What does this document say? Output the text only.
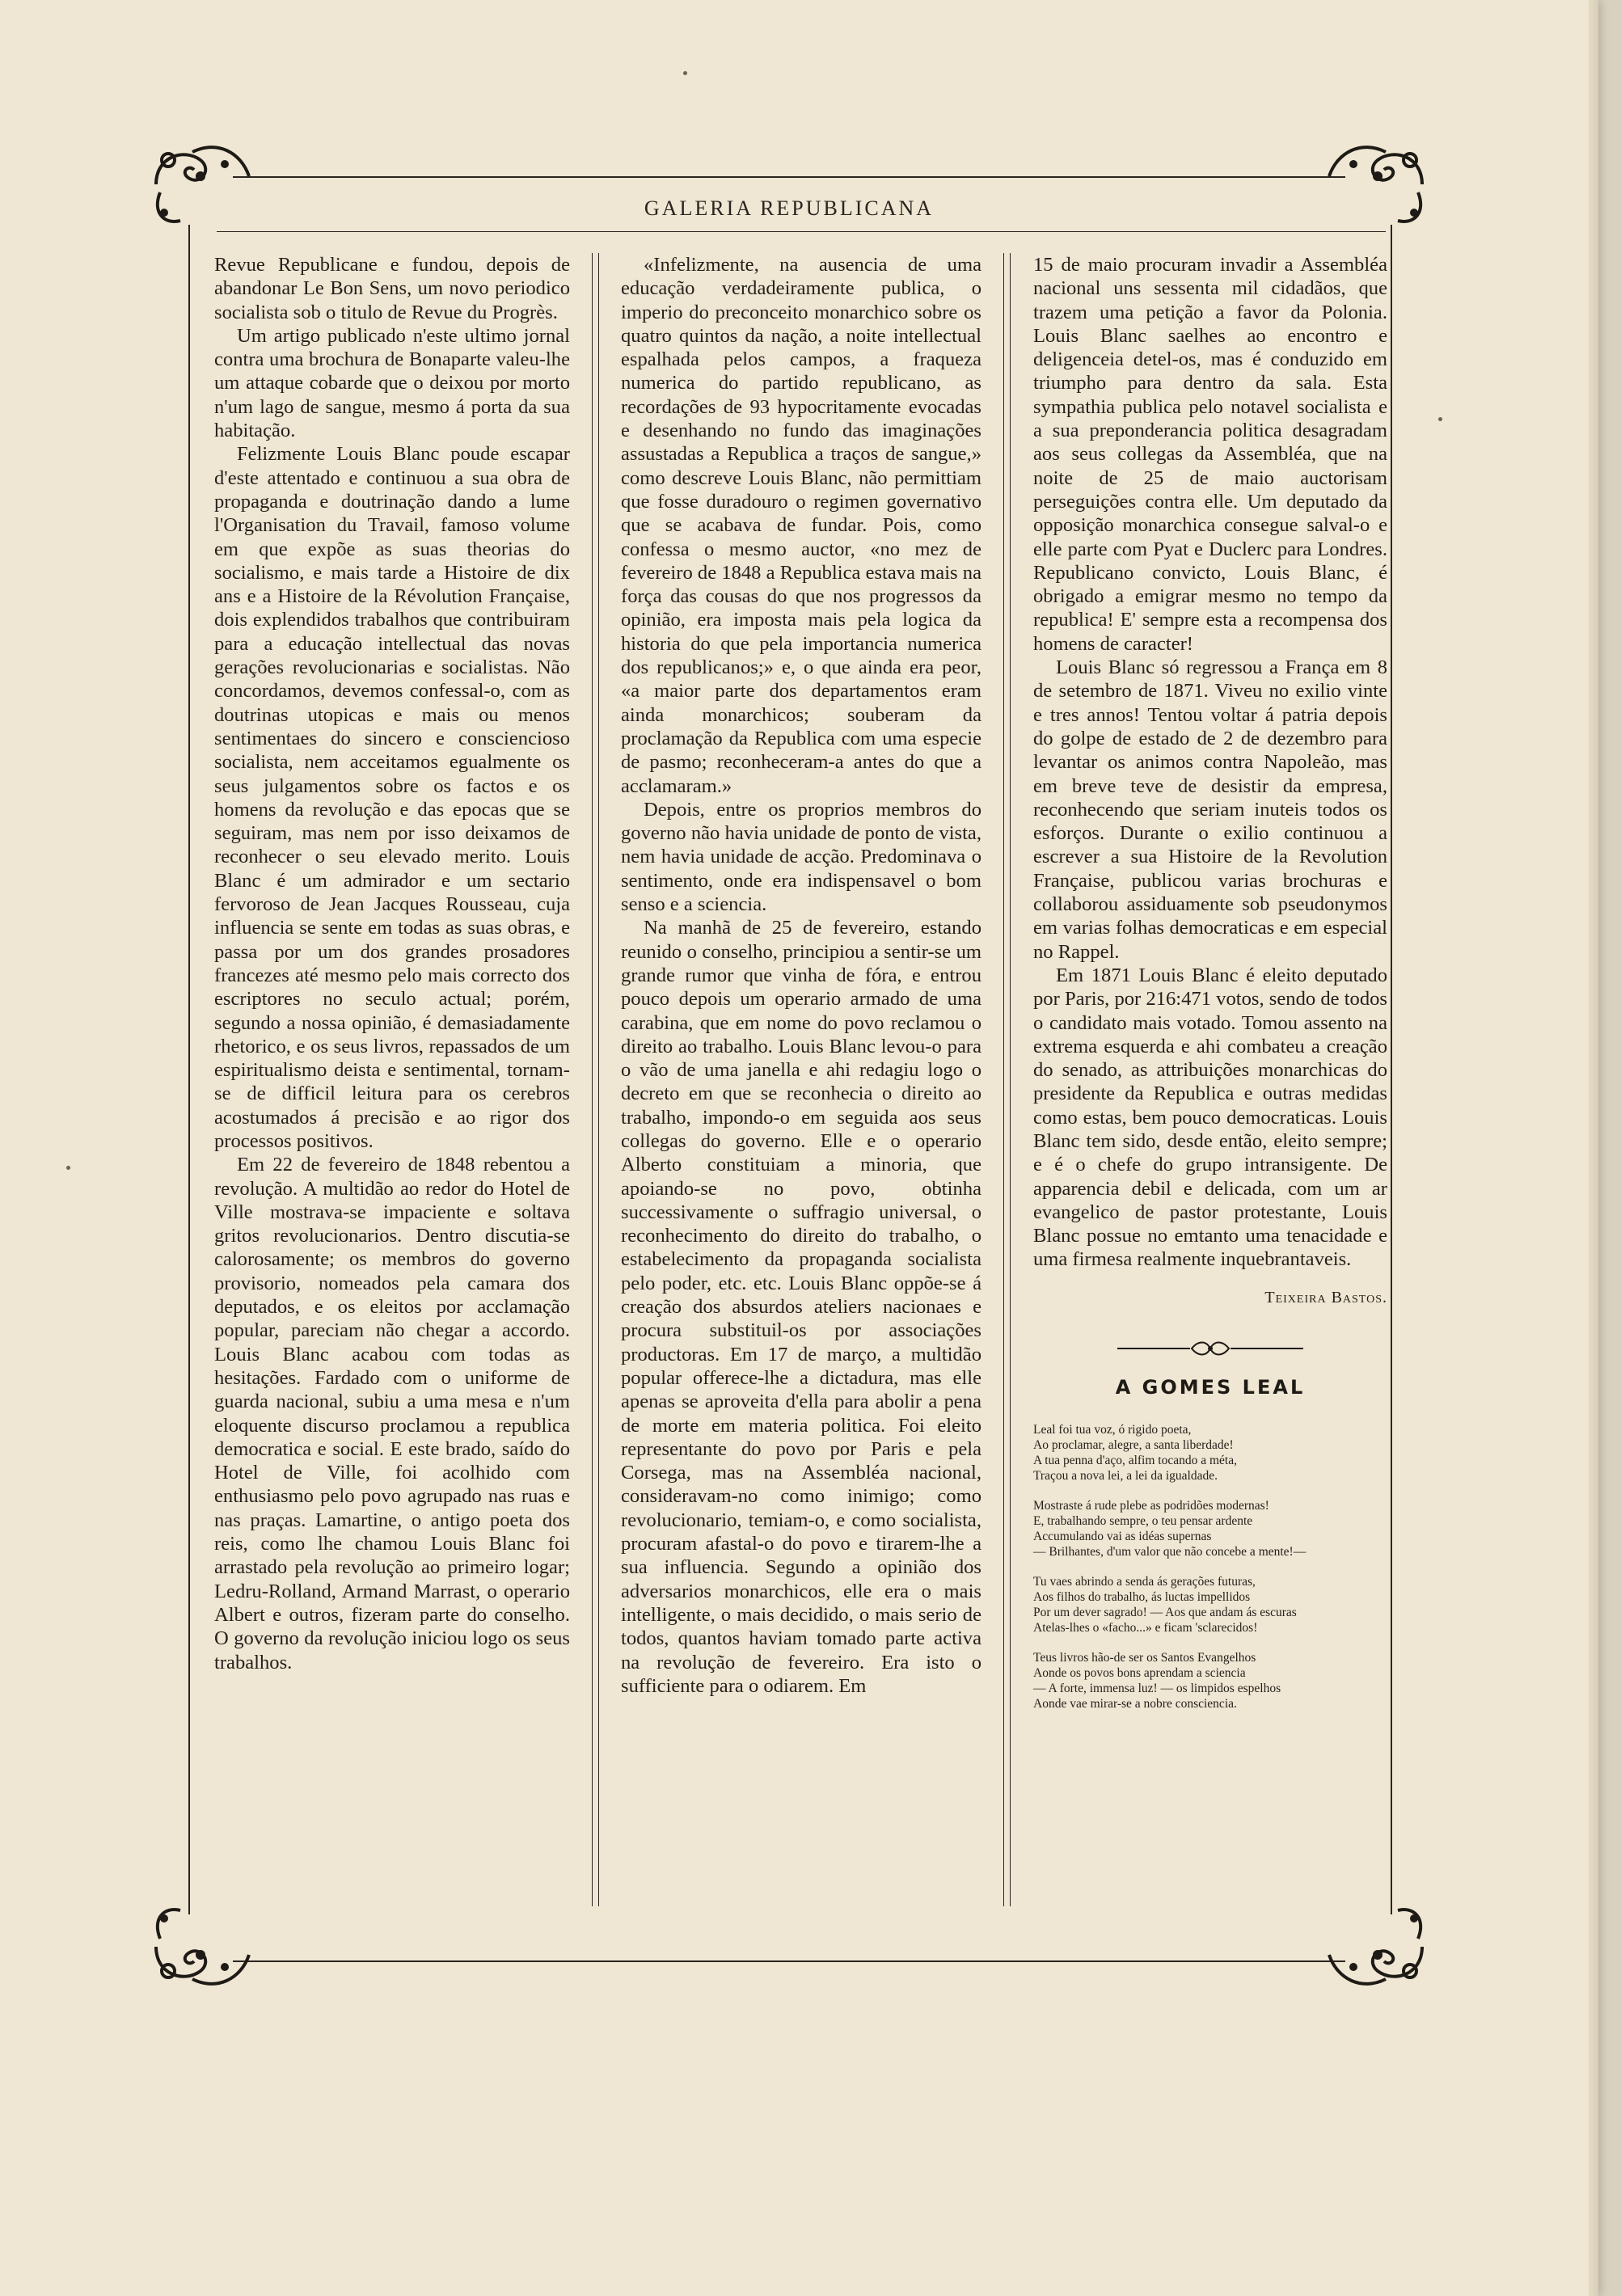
GALERIA REPUBLICANA

Revue Republicane e fundou, depois de abandonar Le Bon Sens, um novo periodico socialista sob o titulo de Revue du Progrès.

Um artigo publicado n'este ultimo jornal contra uma brochura de Bonaparte valeu-lhe um attaque cobarde que o deixou por morto n'um lago de sangue, mesmo á porta da sua habitação.

Felizmente Louis Blanc poude escapar d'este attentado e continuou a sua obra de propaganda e doutrinação dando a lume l'Organisation du Travail, famoso volume em que expõe as suas theorias do socialismo, e mais tarde a Histoire de dix ans e a Histoire de la Révolution Française, dois explendidos trabalhos que contribuiram para a educação intellectual das novas gerações revolucionarias e socialistas. Não concordamos, devemos confessal-o, com as doutrinas utopicas e mais ou menos sentimentaes do sincero e consciencioso socialista, nem acceitamos egualmente os seus julgamentos sobre os factos e os homens da revolução e das epocas que se seguiram, mas nem por isso deixamos de reconhecer o seu elevado merito. Louis Blanc é um admirador e um sectario fervoroso de Jean Jacques Rousseau, cuja influencia se sente em todas as suas obras, e passa por um dos grandes prosadores francezes até mesmo pelo mais correcto dos escriptores no seculo actual; porém, segundo a nossa opinião, é demasiadamente rhetorico, e os seus livros, repassados de um espiritualismo deista e sentimental, tornam-se de difficil leitura para os cerebros acostumados á precisão e ao rigor dos processos positivos.

Em 22 de fevereiro de 1848 rebentou a revolução. A multidão ao redor do Hotel de Ville mostrava-se impaciente e soltava gritos revolucionarios. Dentro discutia-se calorosamente; os membros do governo provisorio, nomeados pela camara dos deputados, e os eleitos por acclamação popular, pareciam não chegar a accordo. Louis Blanc acabou com todas as hesitações. Fardado com o uniforme de guarda nacional, subiu a uma mesa e n'um eloquente discurso proclamou a republica democratica e social. E este brado, saído do Hotel de Ville, foi acolhido com enthusiasmo pelo povo agrupado nas ruas e nas praças. Lamartine, o antigo poeta dos reis, como lhe chamou Louis Blanc foi arrastado pela revolução ao primeiro logar; Ledru-Rolland, Armand Marrast, o operario Albert e outros, fizeram parte do conselho. O governo da revolução iniciou logo os seus trabalhos.

«Infelizmente, na ausencia de uma educação verdadeiramente publica, o imperio do preconceito monarchico sobre os quatro quintos da nação, a noite intellectual espalhada pelos campos, a fraqueza numerica do partido republicano, as recordações de 93 hypocritamente evocadas e desenhando no fundo das imaginações assustadas a Republica a traços de sangue,» como descreve Louis Blanc, não permittiam que fosse duradouro o regimen governativo que se acabava de fundar. Pois, como confessa o mesmo auctor, «no mez de fevereiro de 1848 a Republica estava mais na força das cousas do que nos progressos da opinião, era imposta mais pela logica da historia do que pela importancia numerica dos republicanos;» e, o que ainda era peor, «a maior parte dos departamentos eram ainda monarchicos; souberam da proclamação da Republica com uma especie de pasmo; reconheceram-a antes do que a acclamaram.»

Depois, entre os proprios membros do governo não havia unidade de ponto de vista, nem havia unidade de acção. Predominava o sentimento, onde era indispensavel o bom senso e a sciencia.

Na manhã de 25 de fevereiro, estando reunido o conselho, principiou a sentir-se um grande rumor que vinha de fóra, e entrou pouco depois um operario armado de uma carabina, que em nome do povo reclamou o direito ao trabalho. Louis Blanc levou-o para o vão de uma janella e ahi redagiu logo o decreto em que se reconhecia o direito ao trabalho, impondo-o em seguida aos seus collegas do governo. Elle e o operario Alberto constituiam a minoria, que apoiando-se no povo, obtinha successivamente o suffragio universal, o reconhecimento do direito do trabalho, o estabelecimento da propaganda socialista pelo poder, etc. etc. Louis Blanc oppõe-se á creação dos absurdos ateliers nacionaes e procura substituil-os por associações productoras. Em 17 de março, a multidão popular offerece-lhe a dictadura, mas elle apenas se aproveita d'ella para abolir a pena de morte em materia politica. Foi eleito representante do povo por Paris e pela Corsega, mas na Assembléa nacional, consideravam-no como inimigo; como revolucionario, temiam-o, e como socialista, procuram afastal-o do povo e tirarem-lhe a sua influencia. Segundo a opinião dos adversarios monarchicos, elle era o mais intelligente, o mais decidido, o mais serio de todos, quantos haviam tomado parte activa na revolução de fevereiro. Era isto o sufficiente para o odiarem. Em

15 de maio procuram invadir a Assembléa nacional uns sessenta mil cidadãos, que trazem uma petição a favor da Polonia. Louis Blanc saelhes ao encontro e deligenceia detel-os, mas é conduzido em triumpho para dentro da sala. Esta sympathia publica pelo notavel socialista e a sua preponderancia politica desagradam aos seus collegas da Assembléa, que na noite de 25 de maio auctorisam perseguições contra elle. Um deputado da opposição monarchica consegue salval-o e elle parte com Pyat e Duclerc para Londres. Republicano convicto, Louis Blanc, é obrigado a emigrar mesmo no tempo da republica! E' sempre esta a recompensa dos homens de caracter!

Louis Blanc só regressou a França em 8 de setembro de 1871. Viveu no exilio vinte e tres annos! Tentou voltar á patria depois do golpe de estado de 2 de dezembro para levantar os animos contra Napoleão, mas em breve teve de desistir da empresa, reconhecendo que seriam inuteis todos os esforços. Durante o exilio continuou a escrever a sua Histoire de la Revolution Française, publicou varias brochuras e collaborou assiduamente sob pseudonymos em varias folhas democraticas e em especial no Rappel.

Em 1871 Louis Blanc é eleito deputado por Paris, por 216:471 votos, sendo de todos o candidato mais votado. Tomou assento na extrema esquerda e ahi combateu a creação do senado, as attribuições monarchicas do presidente da Republica e outras medidas como estas, bem pouco democraticas. Louis Blanc tem sido, desde então, eleito sempre; e é o chefe do grupo intransigente. De apparencia debil e delicada, com um ar evangelico de pastor protestante, Louis Blanc possue no emtanto uma tenacidade e uma firmesa realmente inquebrantaveis.

Teixeira Bastos.
A GOMES LEAL
Leal foi tua voz, ó rigido poeta,
Ao proclamar, alegre, a santa liberdade!
A tua penna d'aço, alfim tocando a méta,
Traçou a nova lei, a lei da igualdade.
Mostraste á rude plebe as podridões modernas!
E, trabalhando sempre, o teu pensar ardente
Accumulando vai as idéas supernas
— Brilhantes, d'um valor que não concebe a mente!—
Tu vaes abrindo a senda ás gerações futuras,
Aos filhos do trabalho, ás luctas impellidos
Por um dever sagrado! — Aos que andam ás escuras
Atelas-lhes o «facho...» e ficam 'sclarecidos!
Teus livros hão-de ser os Santos Evangelhos
Aonde os povos bons aprendam a sciencia
— A forte, immensa luz! — os limpidos espelhos
Aonde vae mirar-se a nobre consciencia.
